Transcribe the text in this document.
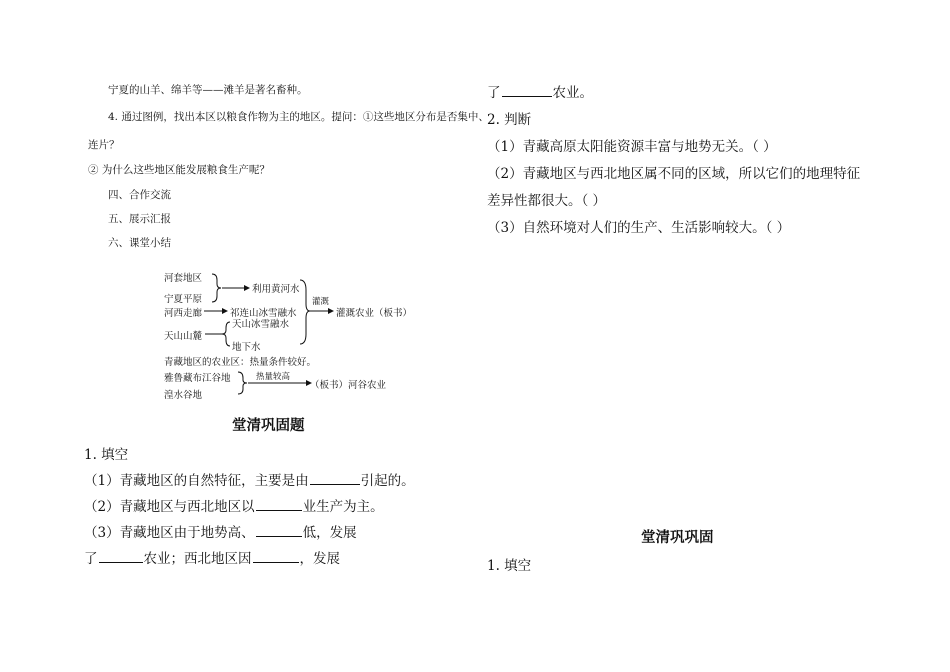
宁夏的山羊、绵羊等——滩羊是著名畜种。
4. 通过图例，找出本区以粮食作物为主的地区。提问：①这些地区分布是否集中、
连片？
② 为什么这些地区能发展粮食生产呢？
四、合作交流
五、展示汇报
六、课堂小结
河套地区
宁夏平原
利用黄河水
河西走廊	祁连山冰雪融水
灌溉
灌溉农业（板书）
天山山麓
天山冰雪融水
地下水
青藏地区的农业区：热量条件较好。
雅鲁藏布江谷地
湟水谷地
热量较高
（板书）河谷农业
堂清巩固题
1. 填空
（1）青藏地区的自然特征，主要是由	引起的。
（2）青藏地区与西北地区以	业生产为主。
（3）青藏地区由于地势高、	低，发展
了	农业；西北地区因	，发展
了	农业。
2. 判断
（1）青藏高原太阳能资源丰富与地势无关。（ ）
（2）青藏地区与西北地区属不同的区域，所以它们的地理特征
差异性都很大。（ ）
（3）自然环境对人们的生产、生活影响较大。（ ）
堂清巩巩固
1. 填空
